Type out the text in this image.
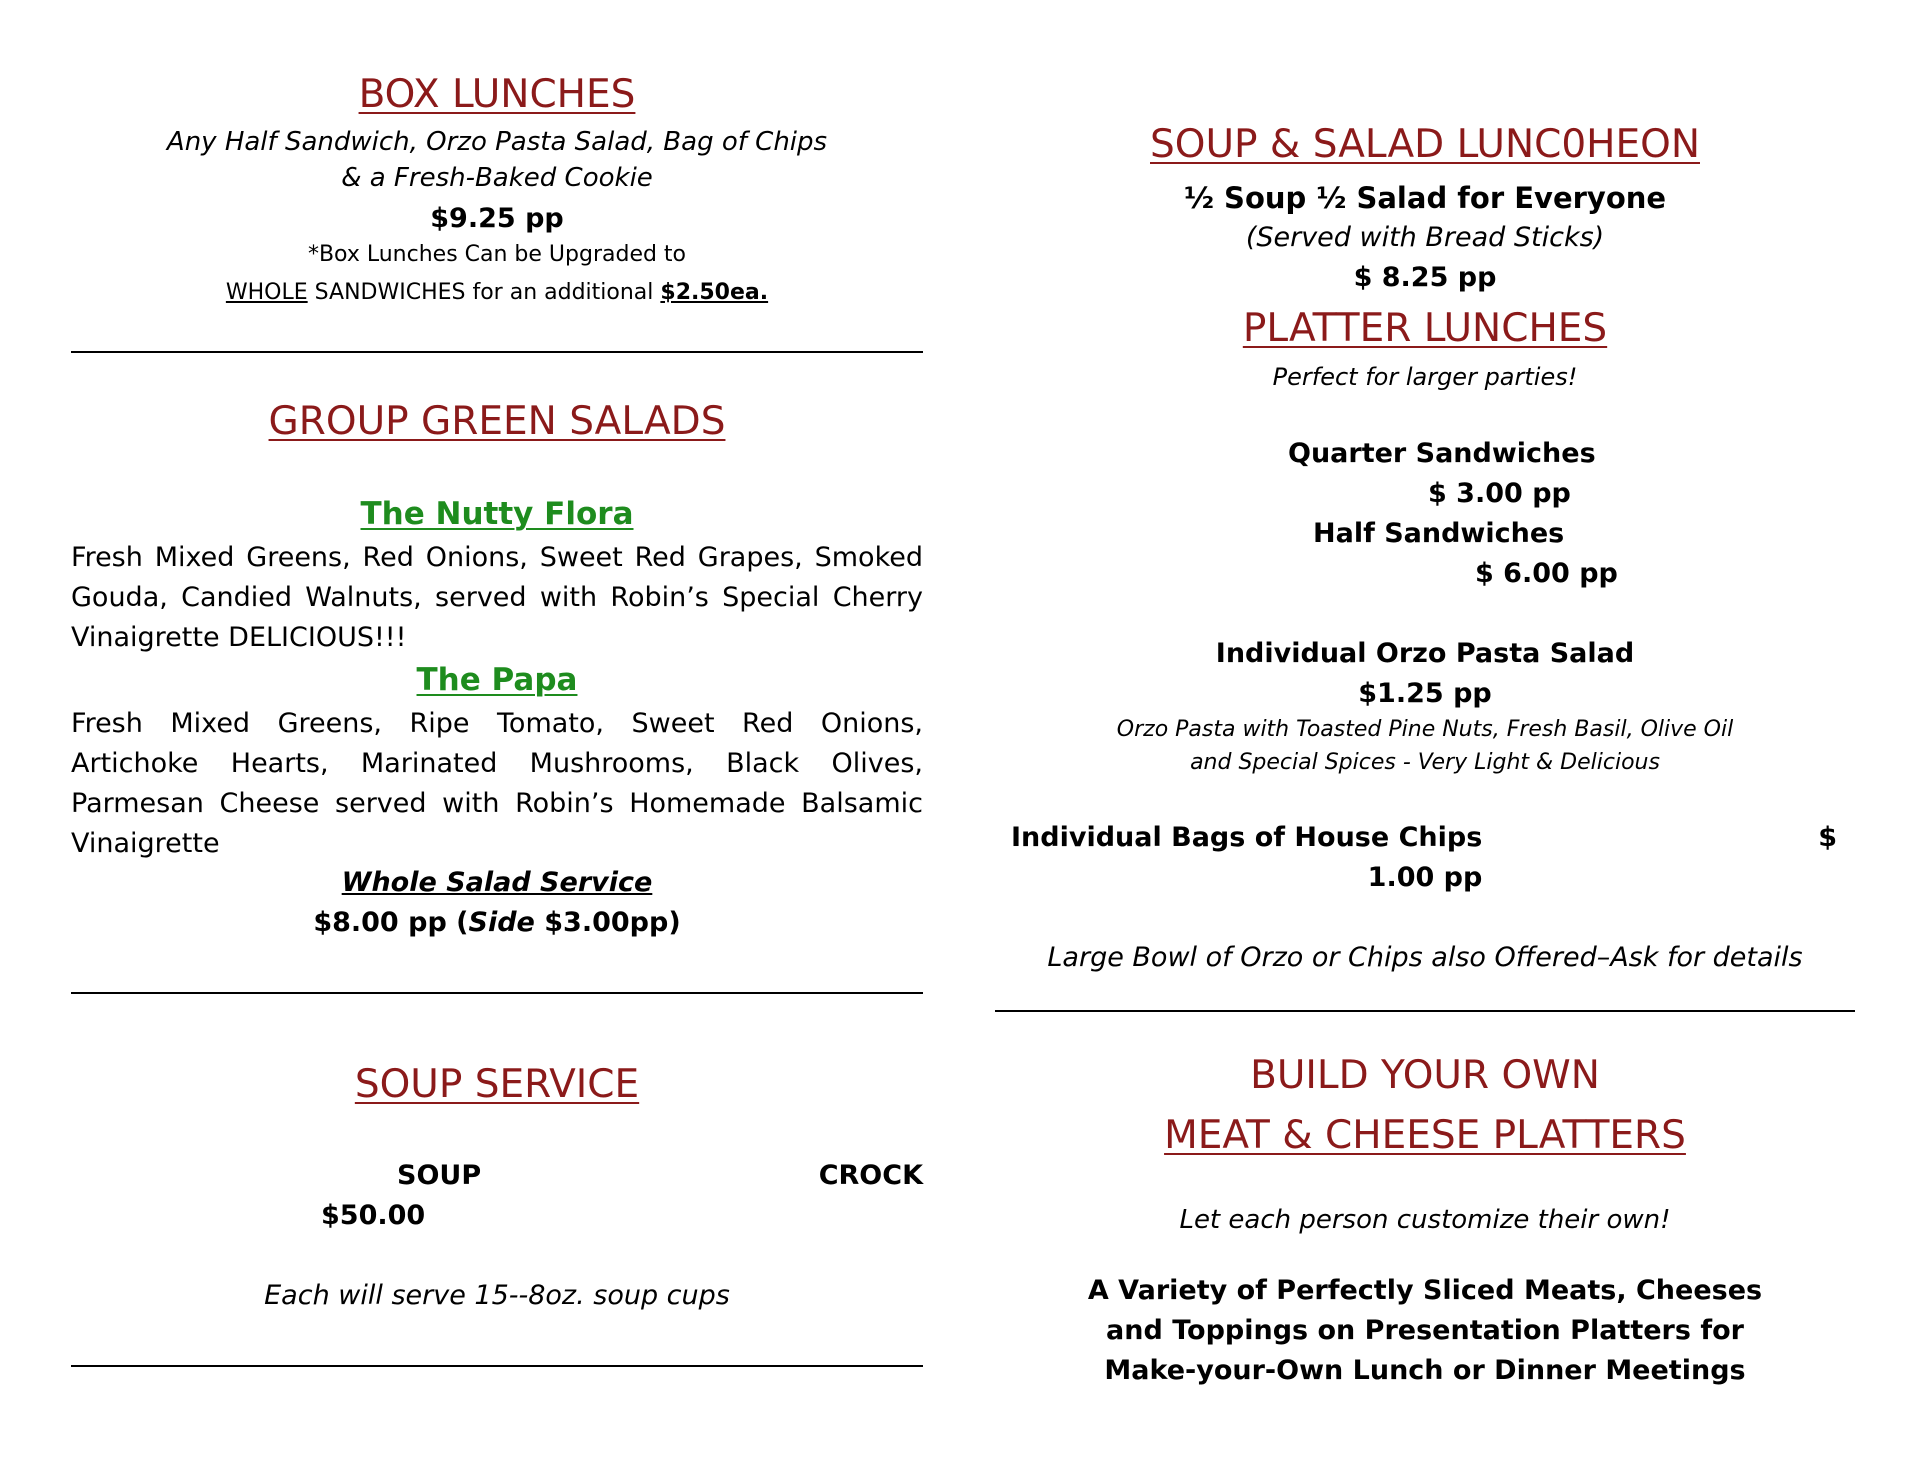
BOX LUNCHES
Any Half Sandwich, Orzo Pasta Salad, Bag of Chips
& a Fresh-Baked Cookie
$9.25 pp
*Box Lunches Can be Upgraded to
WHOLE SANDWICHES for an additional $2.50ea.
GROUP GREEN SALADS
The Nutty Flora
Fresh Mixed Greens, Red Onions, Sweet Red Grapes, Smoked Gouda, Candied Walnuts, served with Robin’s Special Cherry Vinaigrette DELICIOUS!!!
The Papa
Fresh Mixed Greens, Ripe Tomato, Sweet Red Onions, Artichoke Hearts, Marinated Mushrooms, Black Olives, Parmesan Cheese served with Robin’s Homemade Balsamic Vinaigrette
Whole Salad Service
$8.00 pp (Side $3.00pp)
SOUP SERVICE
SOUP	CROCK
$50.00
Each will serve 15--8oz. soup cups
SOUP & SALAD LUNC0HEON
½ Soup ½ Salad for Everyone
(Served with Bread Sticks)
$ 8.25 pp
PLATTER LUNCHES
Perfect for larger parties!
Quarter Sandwiches
$ 3.00 pp
Half Sandwiches
$ 6.00 pp
Individual Orzo Pasta Salad
$1.25 pp
Orzo Pasta with Toasted Pine Nuts, Fresh Basil, Olive Oil
and Special Spices - Very Light & Delicious
Individual Bags of House Chips	$
1.00 pp
Large Bowl of Orzo or Chips also Offered–Ask for details
BUILD YOUR OWN
MEAT & CHEESE PLATTERS
Let each person customize their own!
A Variety of Perfectly Sliced Meats, Cheeses
and Toppings on Presentation Platters for
Make-your-Own Lunch or Dinner Meetings
